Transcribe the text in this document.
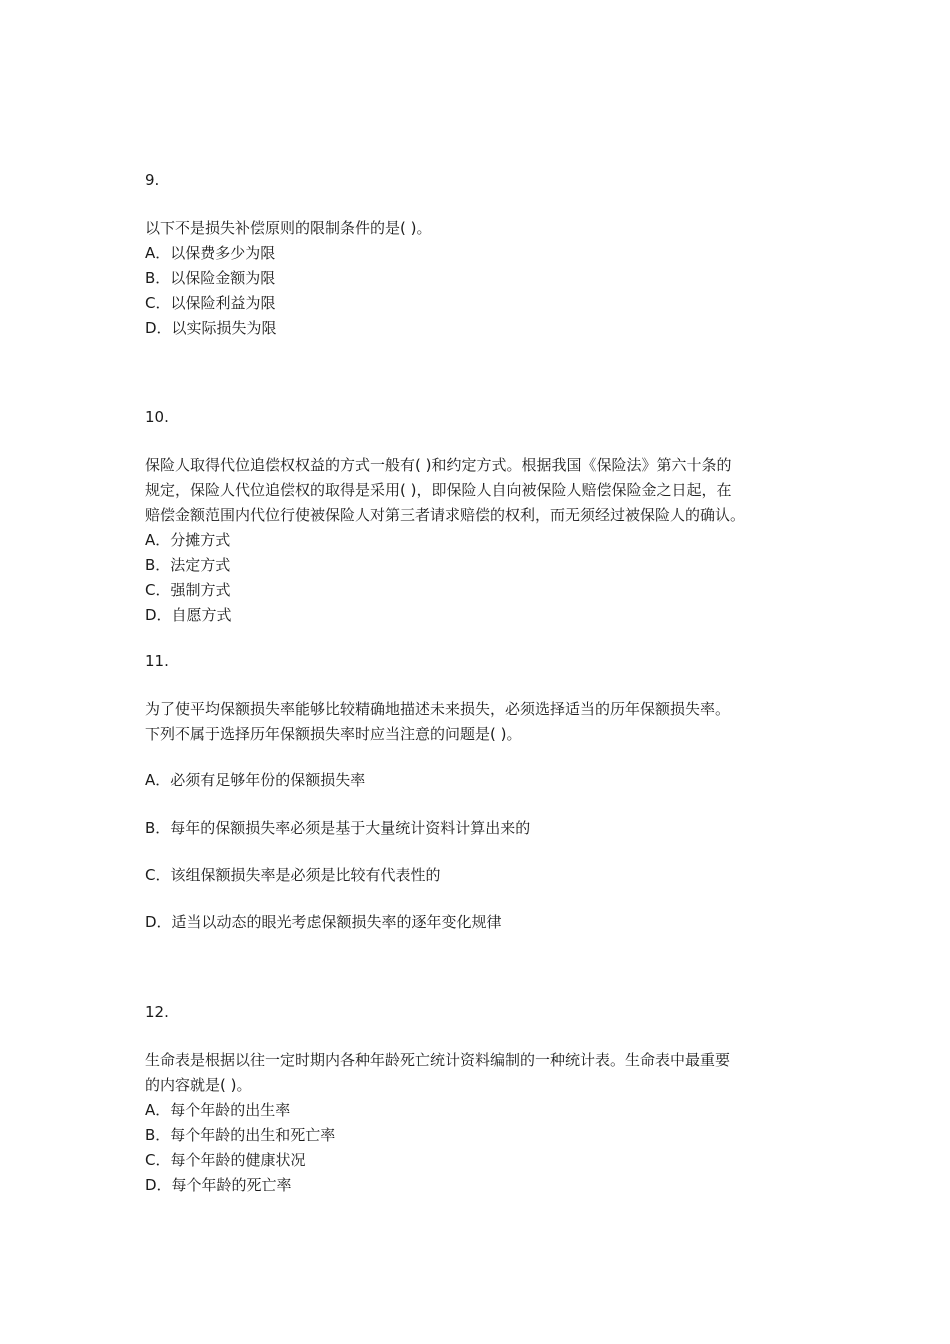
9.

以下不是损失补偿原则的限制条件的是( )。

A．以保费多少为限

B．以保险金额为限

C．以保险利益为限

D．以实际损失为限

10.

保险人取得代位追偿权权益的方式一般有( )和约定方式。根据我国《保险法》第六十条的

规定，保险人代位追偿权的取得是采用( )，即保险人自向被保险人赔偿保险金之日起，在

赔偿金额范围内代位行使被保险人对第三者请求赔偿的权利，而无须经过被保险人的确认。

A．分摊方式

B．法定方式

C．强制方式

D．自愿方式

11.

为了使平均保额损失率能够比较精确地描述未来损失，必须选择适当的历年保额损失率。

下列不属于选择历年保额损失率时应当注意的问题是( )。

A．必须有足够年份的保额损失率

B．每年的保额损失率必须是基于大量统计资料计算出来的

C．该组保额损失率是必须是比较有代表性的

D．适当以动态的眼光考虑保额损失率的逐年变化规律

12.

生命表是根据以往一定时期内各种年龄死亡统计资料编制的一种统计表。生命表中最重要

的内容就是( )。

A．每个年龄的出生率

B．每个年龄的出生和死亡率

C．每个年龄的健康状况

D．每个年龄的死亡率
